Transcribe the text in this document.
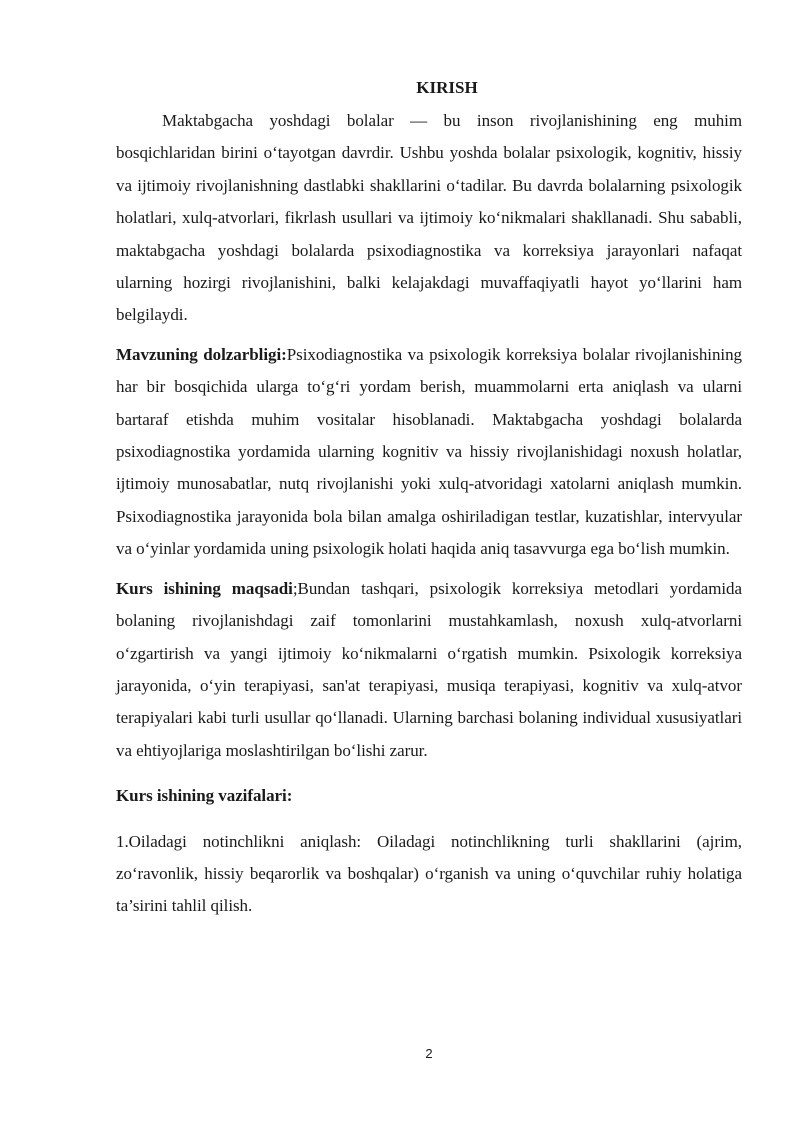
KIRISH

Maktabgacha yoshdagi bolalar — bu inson rivojlanishining eng muhim bosqichlaridan birini o‘tayotgan davrdir. Ushbu yoshda bolalar psixologik, kognitiv, hissiy va ijtimoiy rivojlanishning dastlabki shakllarini o‘tadilar. Bu davrda bolalarning psixologik holatlari, xulq-atvorlari, fikrlash usullari va ijtimoiy ko‘nikmalari shakllanadi. Shu sababli, maktabgacha yoshdagi bolalarda psixodiagnostika va korreksiya jarayonlari nafaqat ularning hozirgi rivojlanishini, balki kelajakdagi muvaffaqiyatli hayot yo‘llarini ham belgilaydi.

Mavzuning dolzarbligi:Psixodiagnostika va psixologik korreksiya bolalar rivojlanishining har bir bosqichida ularga to‘g‘ri yordam berish, muammolarni erta aniqlash va ularni bartaraf etishda muhim vositalar hisoblanadi. Maktabgacha yoshdagi bolalarda psixodiagnostika yordamida ularning kognitiv va hissiy rivojlanishidagi noxush holatlar, ijtimoiy munosabatlar, nutq rivojlanishi yoki xulq-atvoridagi xatolarni aniqlash mumkin. Psixodiagnostika jarayonida bola bilan amalga oshiriladigan testlar, kuzatishlar, intervyular va o‘yinlar yordamida uning psixologik holati haqida aniq tasavvurga ega bo‘lish mumkin.

Kurs ishining maqsadi;Bundan tashqari, psixologik korreksiya metodlari yordamida bolaning rivojlanishdagi zaif tomonlarini mustahkamlash, noxush xulq-atvorlarni o‘zgartirish va yangi ijtimoiy ko‘nikmalarni o‘rgatish mumkin. Psixologik korreksiya jarayonida, o‘yin terapiyasi, san'at terapiyasi, musiqa terapiyasi, kognitiv va xulq-atvor terapiyalari kabi turli usullar qo‘llanadi. Ularning barchasi bolaning individual xususiyatlari va ehtiyojlariga moslashtirilgan bo‘lishi zarur.

Kurs ishining vazifalari:

1.Oiladagi notinchlikni aniqlash: Oiladagi notinchlikning turli shakllarini (ajrim, zo‘ravonlik, hissiy beqarorlik va boshqalar) o‘rganish va uning o‘quvchilar ruhiy holatiga ta’sirini tahlil qilish.

2
